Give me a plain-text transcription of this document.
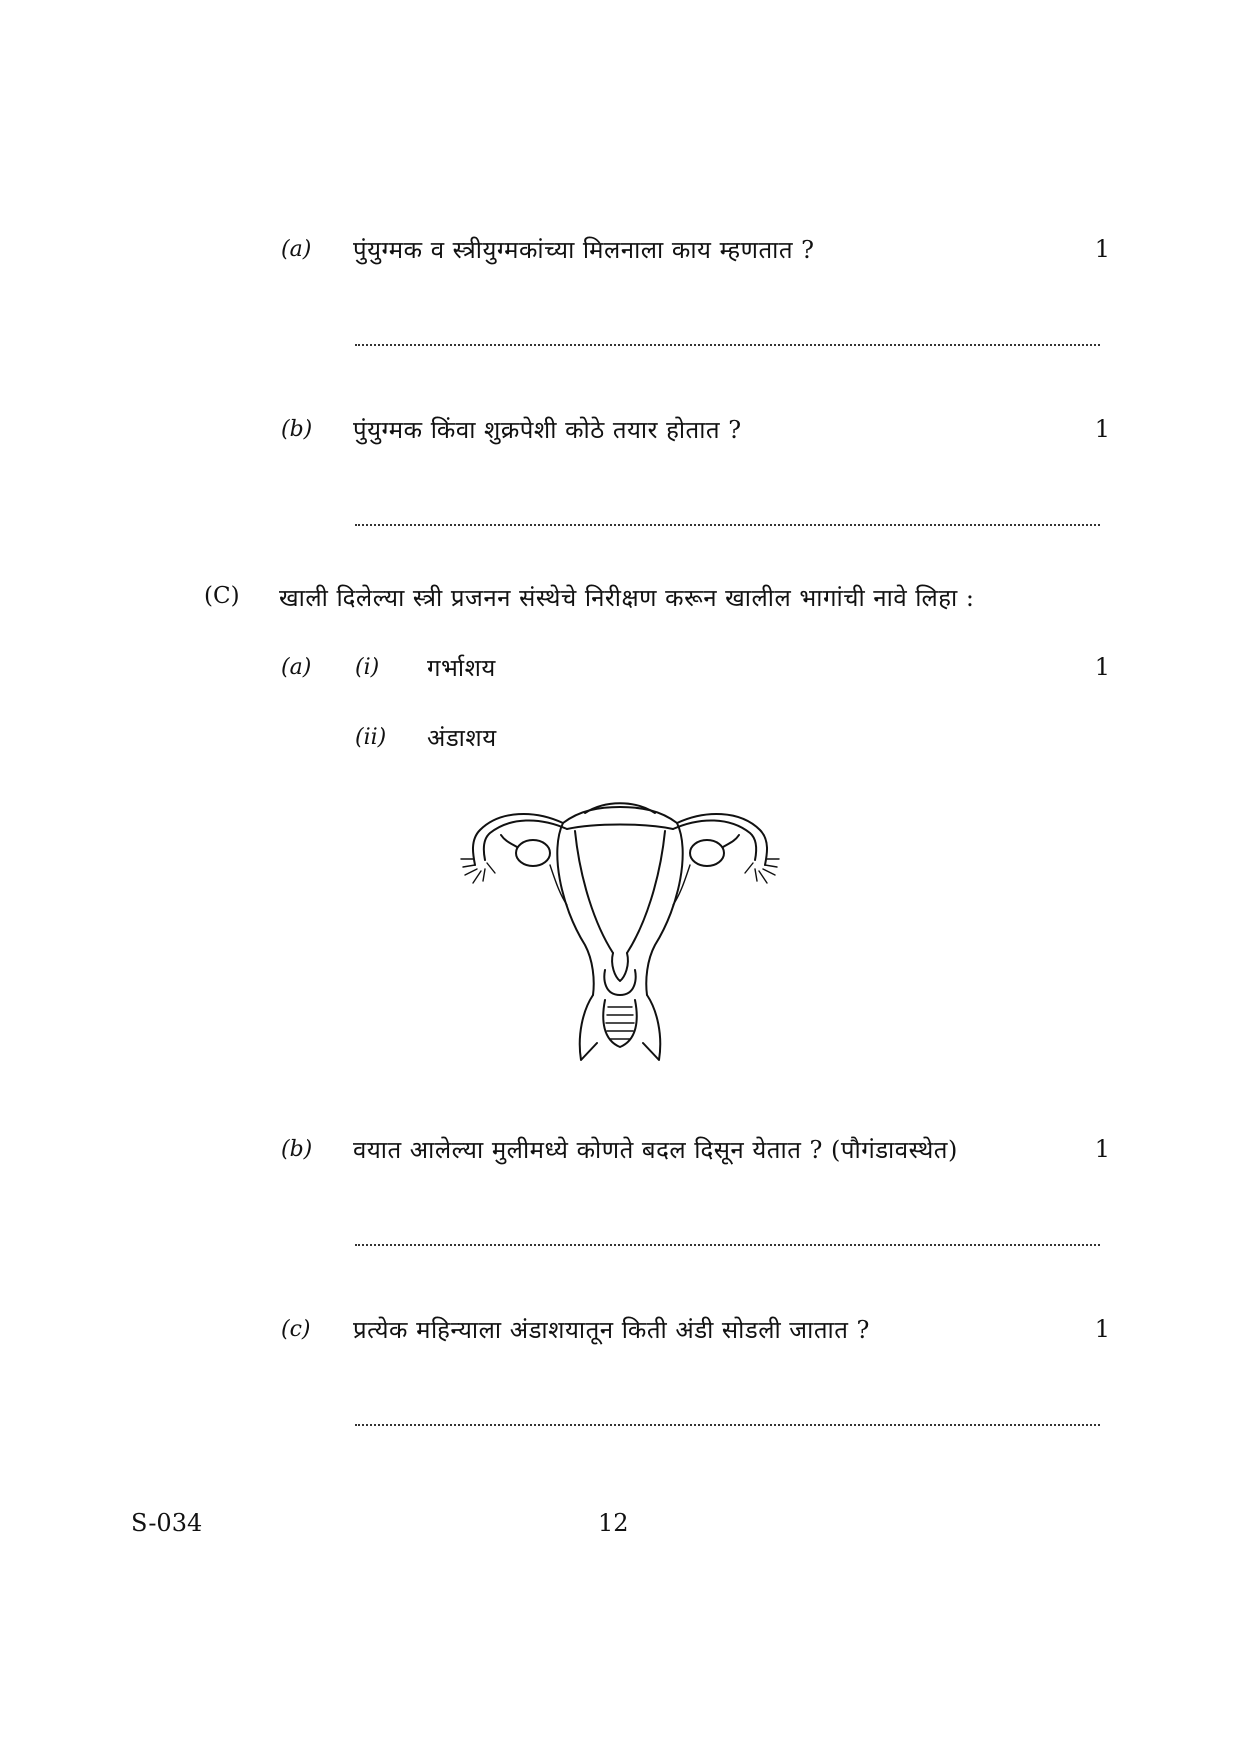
(a) पुंयुग्मक व स्त्रीयुग्मकांच्या मिलनाला काय म्हणतात ?	1
(b) पुंयुग्मक किंवा शुक्रपेशी कोठे तयार होतात ?	1
(C) खाली दिलेल्या स्त्री प्रजनन संस्थेचे निरीक्षण करून खालील भागांची नावे लिहा :
(a) (i) गर्भाशय	1
(ii) अंडाशय
(b) वयात आलेल्या मुलीमध्ये कोणते बदल दिसून येतात ? (पौगंडावस्थेत)	1
(c) प्रत्येक महिन्याला अंडाशयातून किती अंडी सोडली जातात ?	1
S-034	12
